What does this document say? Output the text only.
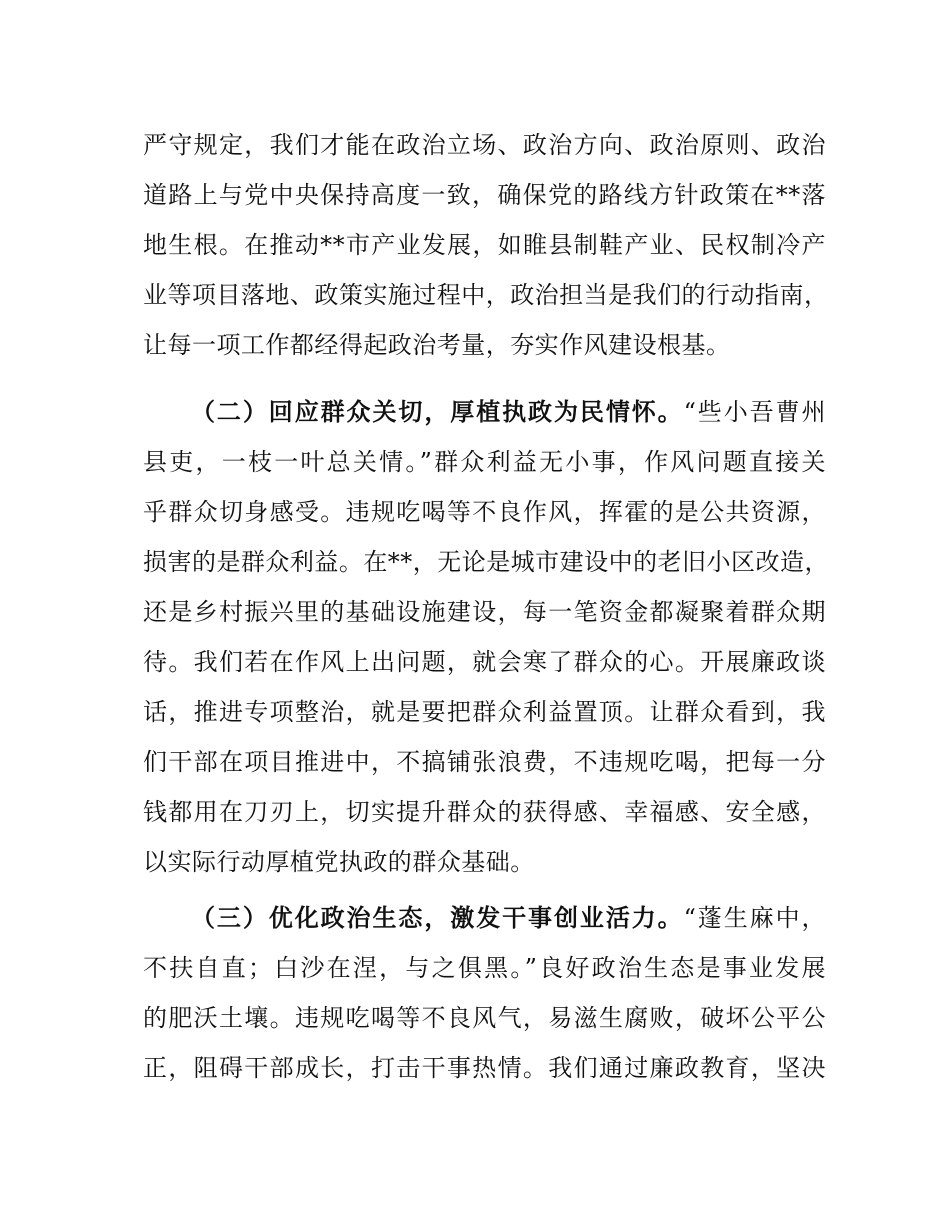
严守规定，我们才能在政治立场、政治方向、政治原则、政治
道路上与党中央保持高度一致，确保党的路线方针政策在**落
地生根。在推动**市产业发展，如睢县制鞋产业、民权制冷产
业等项目落地、政策实施过程中，政治担当是我们的行动指南，
让每一项工作都经得起政治考量，夯实作风建设根基。
（二）回应群众关切，厚植执政为民情怀。“些小吾曹州
县吏，一枝一叶总关情。”群众利益无小事，作风问题直接关
乎群众切身感受。违规吃喝等不良作风，挥霍的是公共资源，
损害的是群众利益。在**，无论是城市建设中的老旧小区改造，
还是乡村振兴里的基础设施建设，每一笔资金都凝聚着群众期
待。我们若在作风上出问题，就会寒了群众的心。开展廉政谈
话，推进专项整治，就是要把群众利益置顶。让群众看到，我
们干部在项目推进中，不搞铺张浪费，不违规吃喝，把每一分
钱都用在刀刃上，切实提升群众的获得感、幸福感、安全感，
以实际行动厚植党执政的群众基础。
（三）优化政治生态，激发干事创业活力。“蓬生麻中，
不扶自直；白沙在涅，与之俱黑。”良好政治生态是事业发展
的肥沃土壤。违规吃喝等不良风气，易滋生腐败，破坏公平公
正，阻碍干部成长，打击干事热情。我们通过廉政教育，坚决
